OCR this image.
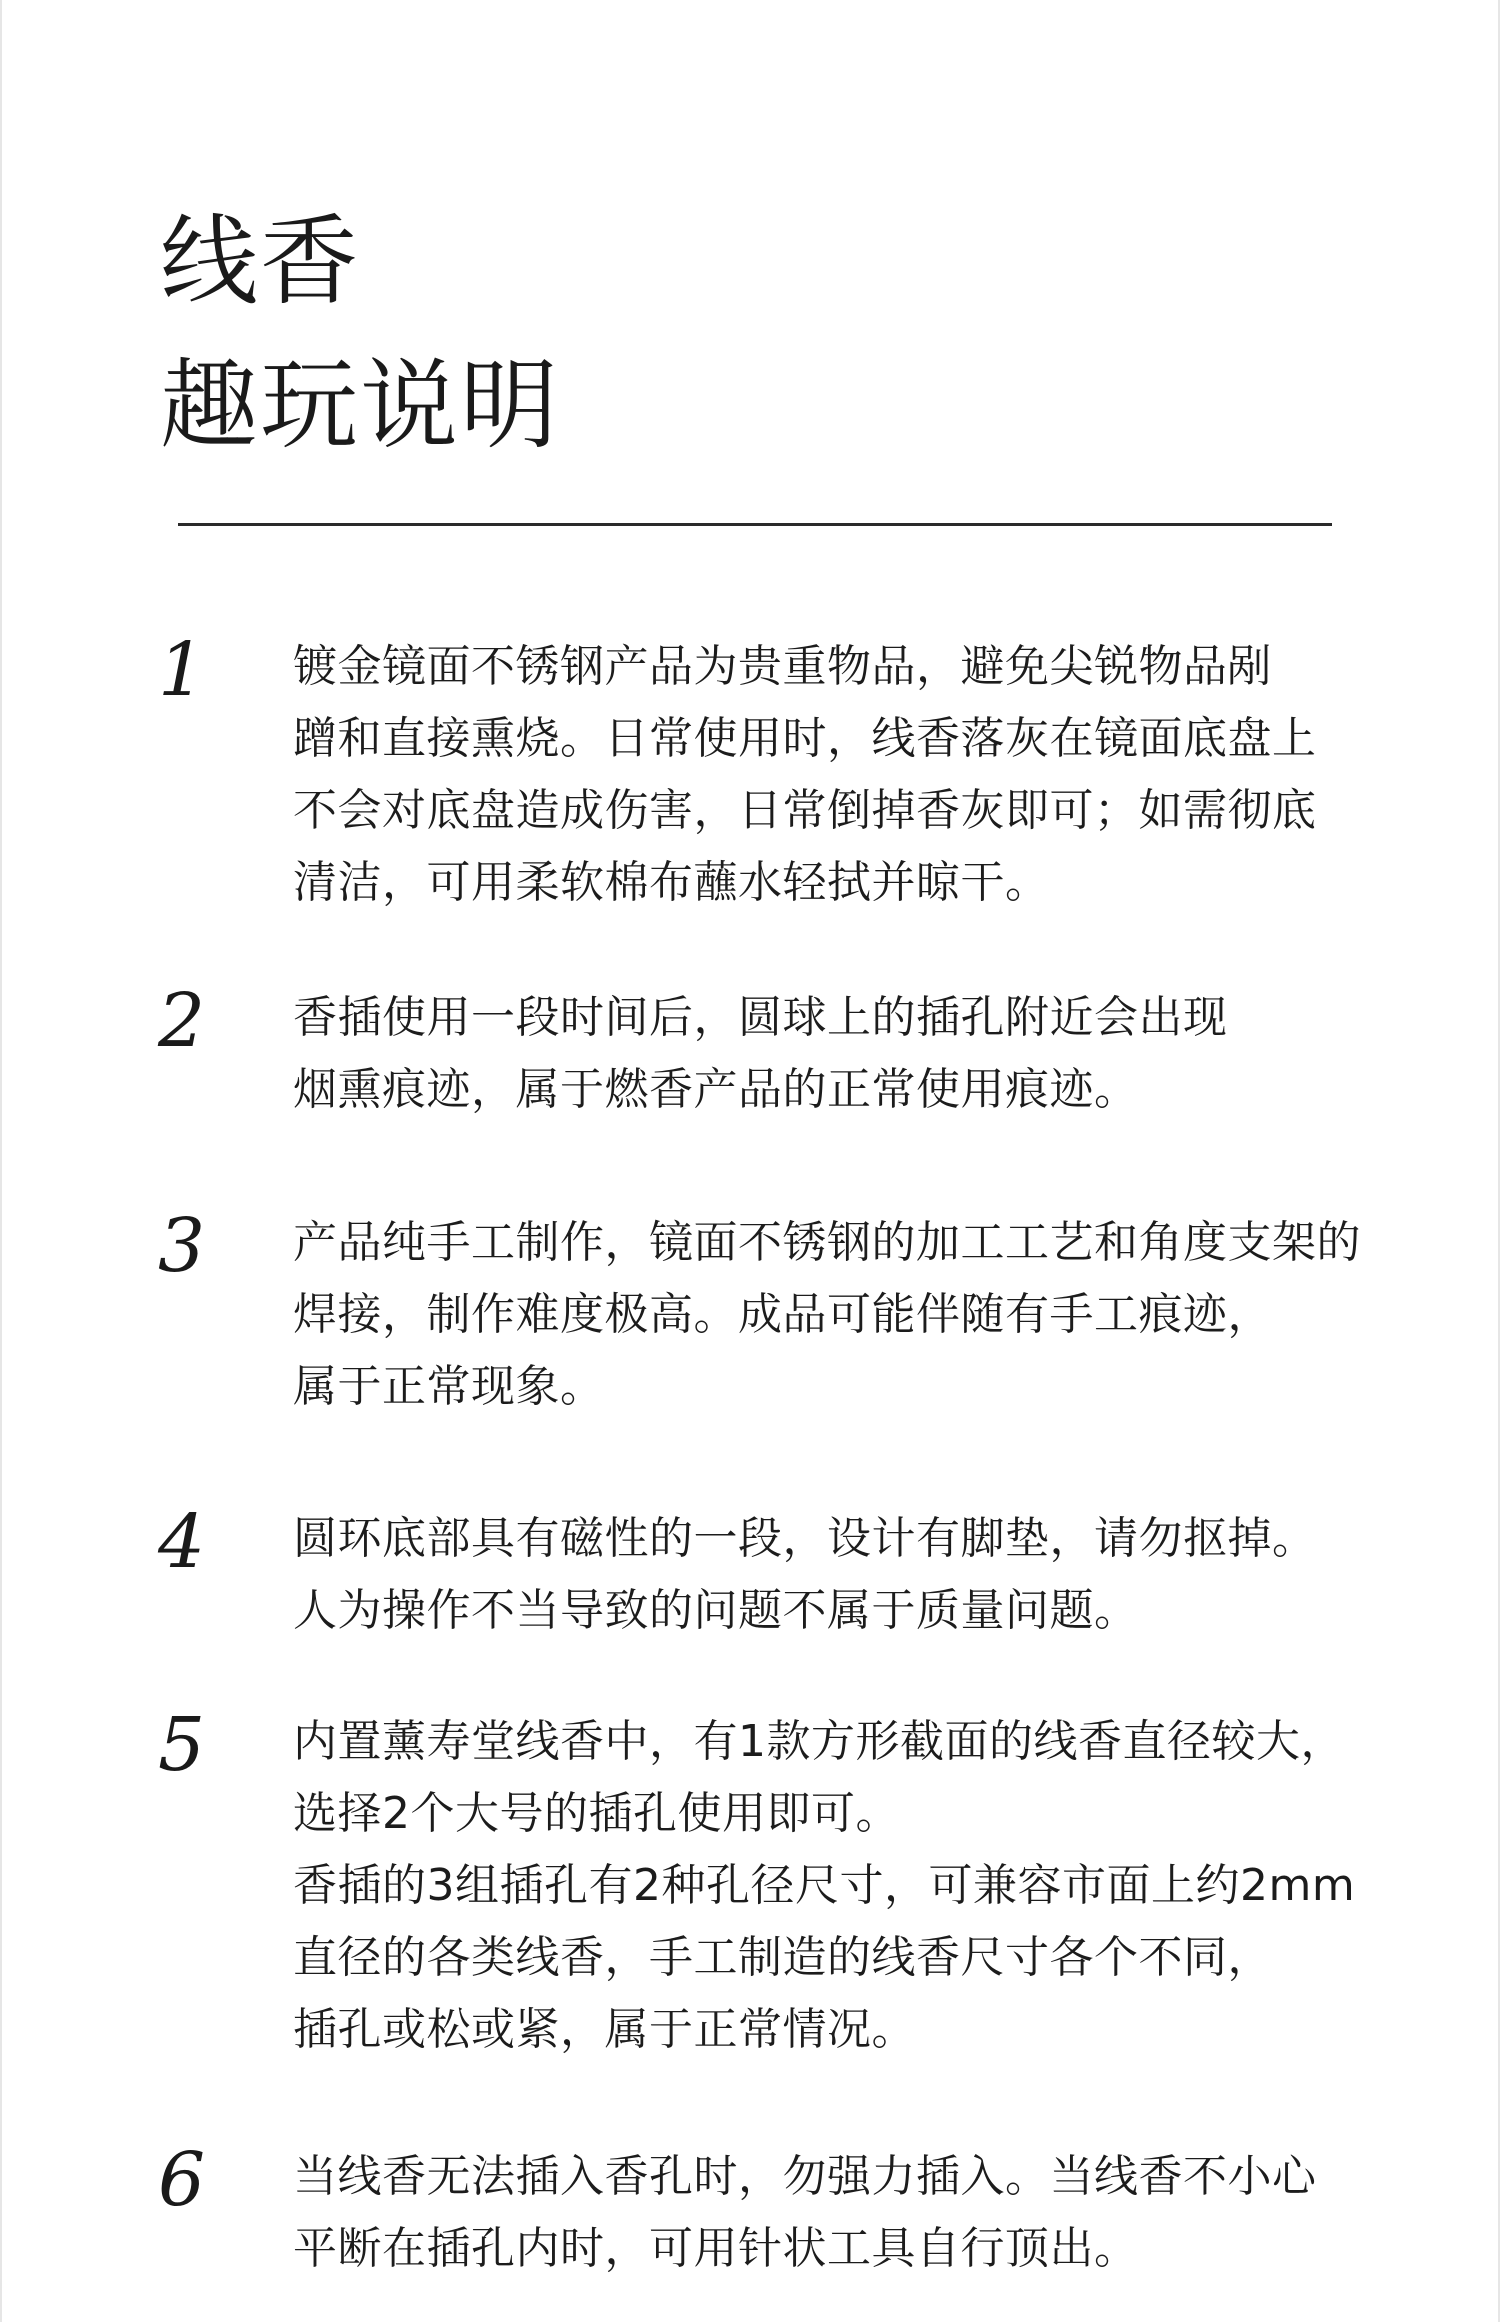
线香
趣玩说明
1	镀金镜面不锈钢产品为贵重物品，避免尖锐物品剐
蹭和直接熏烧。日常使用时，线香落灰在镜面底盘上
不会对底盘造成伤害，日常倒掉香灰即可；如需彻底
清洁，可用柔软棉布蘸水轻拭并晾干。
2	香插使用一段时间后，圆球上的插孔附近会出现
烟熏痕迹，属于燃香产品的正常使用痕迹。
3	产品纯手工制作，镜面不锈钢的加工工艺和角度支架的
焊接，制作难度极高。成品可能伴随有手工痕迹，
属于正常现象。
4	圆环底部具有磁性的一段，设计有脚垫，请勿抠掉。
人为操作不当导致的问题不属于质量问题。
5	内置薰寿堂线香中，有1款方形截面的线香直径较大，
选择2个大号的插孔使用即可。
香插的3组插孔有2种孔径尺寸，可兼容市面上约2mm
直径的各类线香，手工制造的线香尺寸各个不同，
插孔或松或紧，属于正常情况。
6	当线香无法插入香孔时，勿强力插入。当线香不小心
平断在插孔内时，可用针状工具自行顶出。
